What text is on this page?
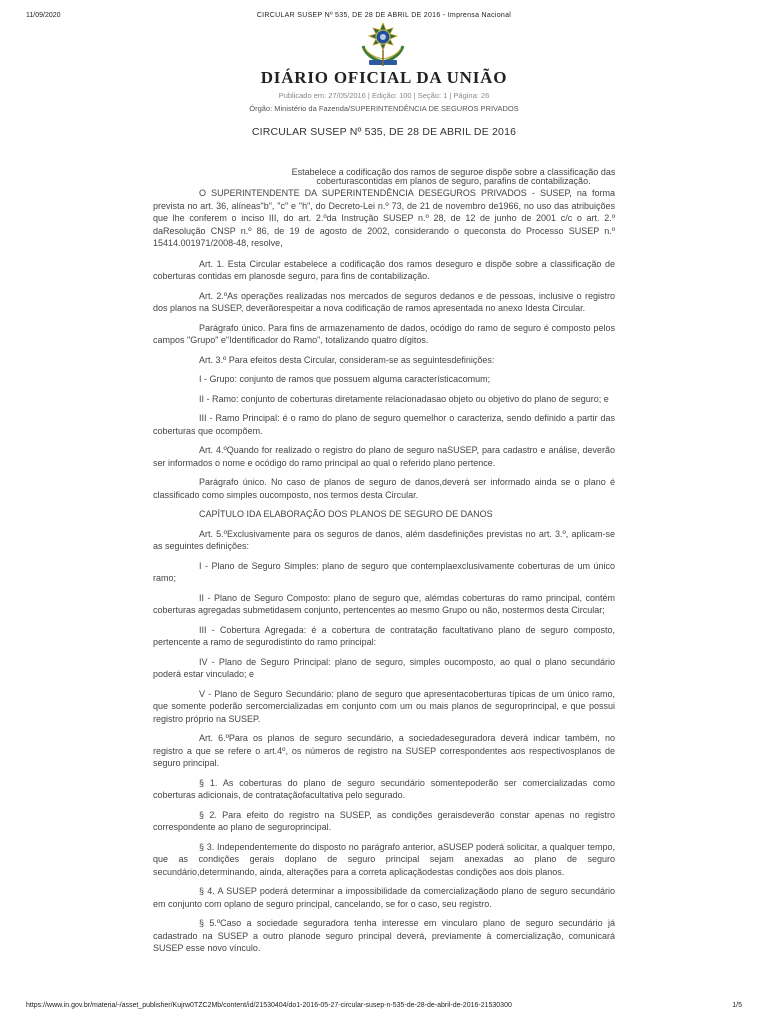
11/09/2020	CIRCULAR SUSEP Nº 535, DE 28 DE ABRIL DE 2016 - Imprensa Nacional
DIÁRIO OFICIAL DA UNIÃO
Publicado em: 27/05/2016 | Edição: 100 | Seção: 1 | Página: 26
Órgão: Ministério da Fazenda/SUPERINTENDÊNCIA DE SEGUROS PRIVADOS
CIRCULAR SUSEP Nº 535, DE 28 DE ABRIL DE 2016
Estabelece a codificação dos ramos de seguroe dispõe sobre a classificação das coberturascontidas em planos de seguro, parafins de contabilização.

O SUPERINTENDENTE DA SUPERINTENDÊNCIA DESEGUROS PRIVADOS - SUSEP, na forma prevista no art. 36, alíneas"b", "c" e "h", do Decreto-Lei n.º 73, de 21 de novembro de1966, no uso das atribuições que lhe conferem o inciso III, do art. 2.ºda Instrução SUSEP n.º 28, de 12 de junho de 2001 c/c o art. 2.º daResolução CNSP n.º 86, de 19 de agosto de 2002, considerando o queconsta do Processo SUSEP n.º 15414.001971/2008-48, resolve,

Art. 1. Esta Circular estabelece a codificação dos ramos deseguro e dispõe sobre a classificação de coberturas contidas em planosde seguro, para fins de contabilização.

Art. 2.ºAs operações realizadas nos mercados de seguros dedanos e de pessoas, inclusive o registro dos planos na SUSEP, deverãorespeitar a nova codificação de ramos apresentada no anexo Idesta Circular.

Parágrafo único. Para fins de armazenamento de dados, ocódigo do ramo de seguro é composto pelos campos "Grupo" e"Identificador do Ramo", totalizando quatro dígitos.

Art. 3.º Para efeitos desta Circular, consideram-se as seguintesdefinições:

I - Grupo: conjunto de ramos que possuem alguma característicacomum;

II - Ramo: conjunto de coberturas diretamente relacionadasao objeto ou objetivo do plano de seguro; e

III - Ramo Principal: é o ramo do plano de seguro quemelhor o caracteriza, sendo definido a partir das coberturas que ocompõem.

Art. 4.ºQuando for realizado o registro do plano de seguro naSUSEP, para cadastro e análise, deverão ser informados o nome e ocódigo do ramo principal ao qual o referido plano pertence.

Parágrafo único. No caso de planos de seguro de danos,deverá ser informado ainda se o plano é classificado como simples oucomposto, nos termos desta Circular.

CAPÍTULO IDA ELABORAÇÃO DOS PLANOS DE SEGURO DE DANOS

Art. 5.ºExclusivamente para os seguros de danos, além dasdefinições previstas no art. 3.º, aplicam-se as seguintes definições:

I - Plano de Seguro Simples: plano de seguro que contemplaexclusivamente coberturas de um único ramo;

II - Plano de Seguro Composto: plano de seguro que, alémdas coberturas do ramo principal, contém coberturas agregadas submetidasem conjunto, pertencentes ao mesmo Grupo ou não, nostermos desta Circular;

III - Cobertura Agregada: é a cobertura de contratação facultativano plano de seguro composto, pertencente a ramo de segurodistinto do ramo principal:

IV - Plano de Seguro Principal: plano de seguro, simples oucomposto, ao qual o plano secundário poderá estar vinculado; e

V - Plano de Seguro Secundário: plano de seguro que apresentacoberturas típicas de um único ramo, que somente poderão sercomercializadas em conjunto com um ou mais planos de seguroprincipal, e que possui registro próprio na SUSEP.

Art. 6.ºPara os planos de seguro secundário, a sociedadeseguradora deverá indicar também, no registro a que se refere o art.4º, os números de registro na SUSEP correspondentes aos respectivosplanos de seguro principal.

§ 1. As coberturas do plano de seguro secundário somentepoderão ser comercializadas como coberturas adicionais, de contrataçãofacultativa pelo segurado.

§ 2. Para efeito do registro na SUSEP, as condições geraisdeverão constar apenas no registro correspondente ao plano de seguroprincipal.

§ 3. Independentemente do disposto no parágrafo anterior, aSUSEP poderá solicitar, a qualquer tempo, que as condições gerais doplano de seguro principal sejam anexadas ao plano de seguro secundário,determinando, ainda, alterações para a correta aplicaçãodestas condições aos dois planos.

§ 4. A SUSEP poderá determinar a impossibilidade da comercializaçãodo plano de seguro secundário em conjunto com oplano de seguro principal, cancelando, se for o caso, seu registro.

§ 5.ºCaso a sociedade seguradora tenha interesse em vincularo plano de seguro secundário já cadastrado na SUSEP a outro planode seguro principal deverá, previamente à comercialização, comunicará SUSEP esse novo vínculo.

https://www.in.gov.br/materia/-/asset_publisher/Kujrw0TZC2Mb/content/id/21530404/do1-2016-05-27-circular-susep-n-535-de-28-de-abril-de-2016-21530300	1/5
